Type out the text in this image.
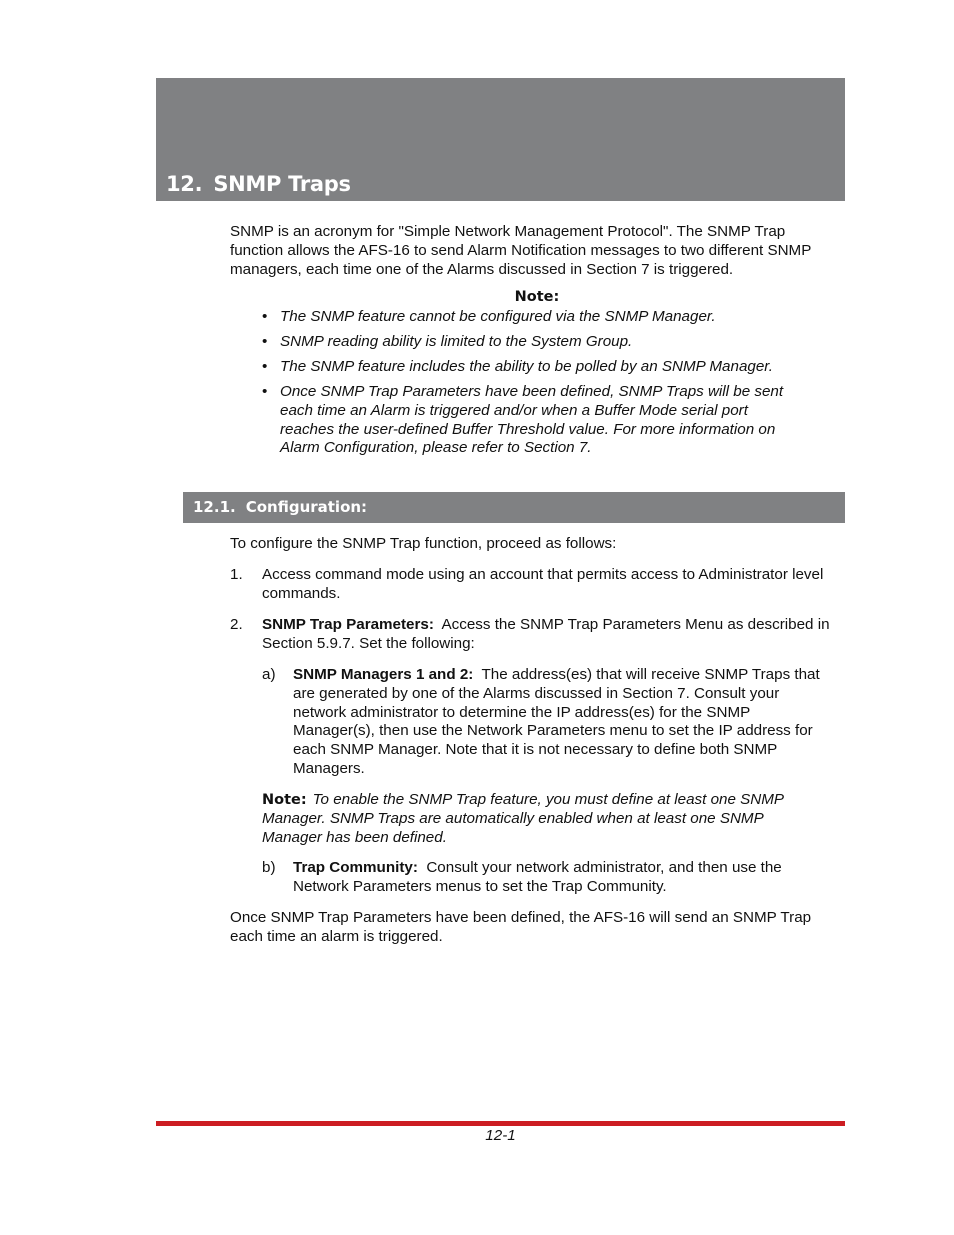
12. SNMP Traps

SNMP is an acronym for "Simple Network Management Protocol". The SNMP Trap function allows the AFS-16 to send Alarm Notification messages to two different SNMP managers, each time one of the Alarms discussed in Section 7 is triggered.

Note:
• The SNMP feature cannot be configured via the SNMP Manager.
• SNMP reading ability is limited to the System Group.
• The SNMP feature includes the ability to be polled by an SNMP Manager.
• Once SNMP Trap Parameters have been defined, SNMP Traps will be sent each time an Alarm is triggered and/or when a Buffer Mode serial port reaches the user-defined Buffer Threshold value. For more information on Alarm Configuration, please refer to Section 7.
12.1. Configuration:

To configure the SNMP Trap function, proceed as follows:

1. Access command mode using an account that permits access to Administrator level commands.
2. SNMP Trap Parameters: Access the SNMP Trap Parameters Menu as described in Section 5.9.7. Set the following:
a) SNMP Managers 1 and 2: The address(es) that will receive SNMP Traps that are generated by one of the Alarms discussed in Section 7. Consult your network administrator to determine the IP address(es) for the SNMP Manager(s), then use the Network Parameters menu to set the IP address for each SNMP Manager. Note that it is not necessary to define both SNMP Managers.
Note: To enable the SNMP Trap feature, you must define at least one SNMP Manager. SNMP Traps are automatically enabled when at least one SNMP Manager has been defined.
b) Trap Community: Consult your network administrator, and then use the Network Parameters menus to set the Trap Community.

Once SNMP Trap Parameters have been defined, the AFS-16 will send an SNMP Trap each time an alarm is triggered.

12-1
